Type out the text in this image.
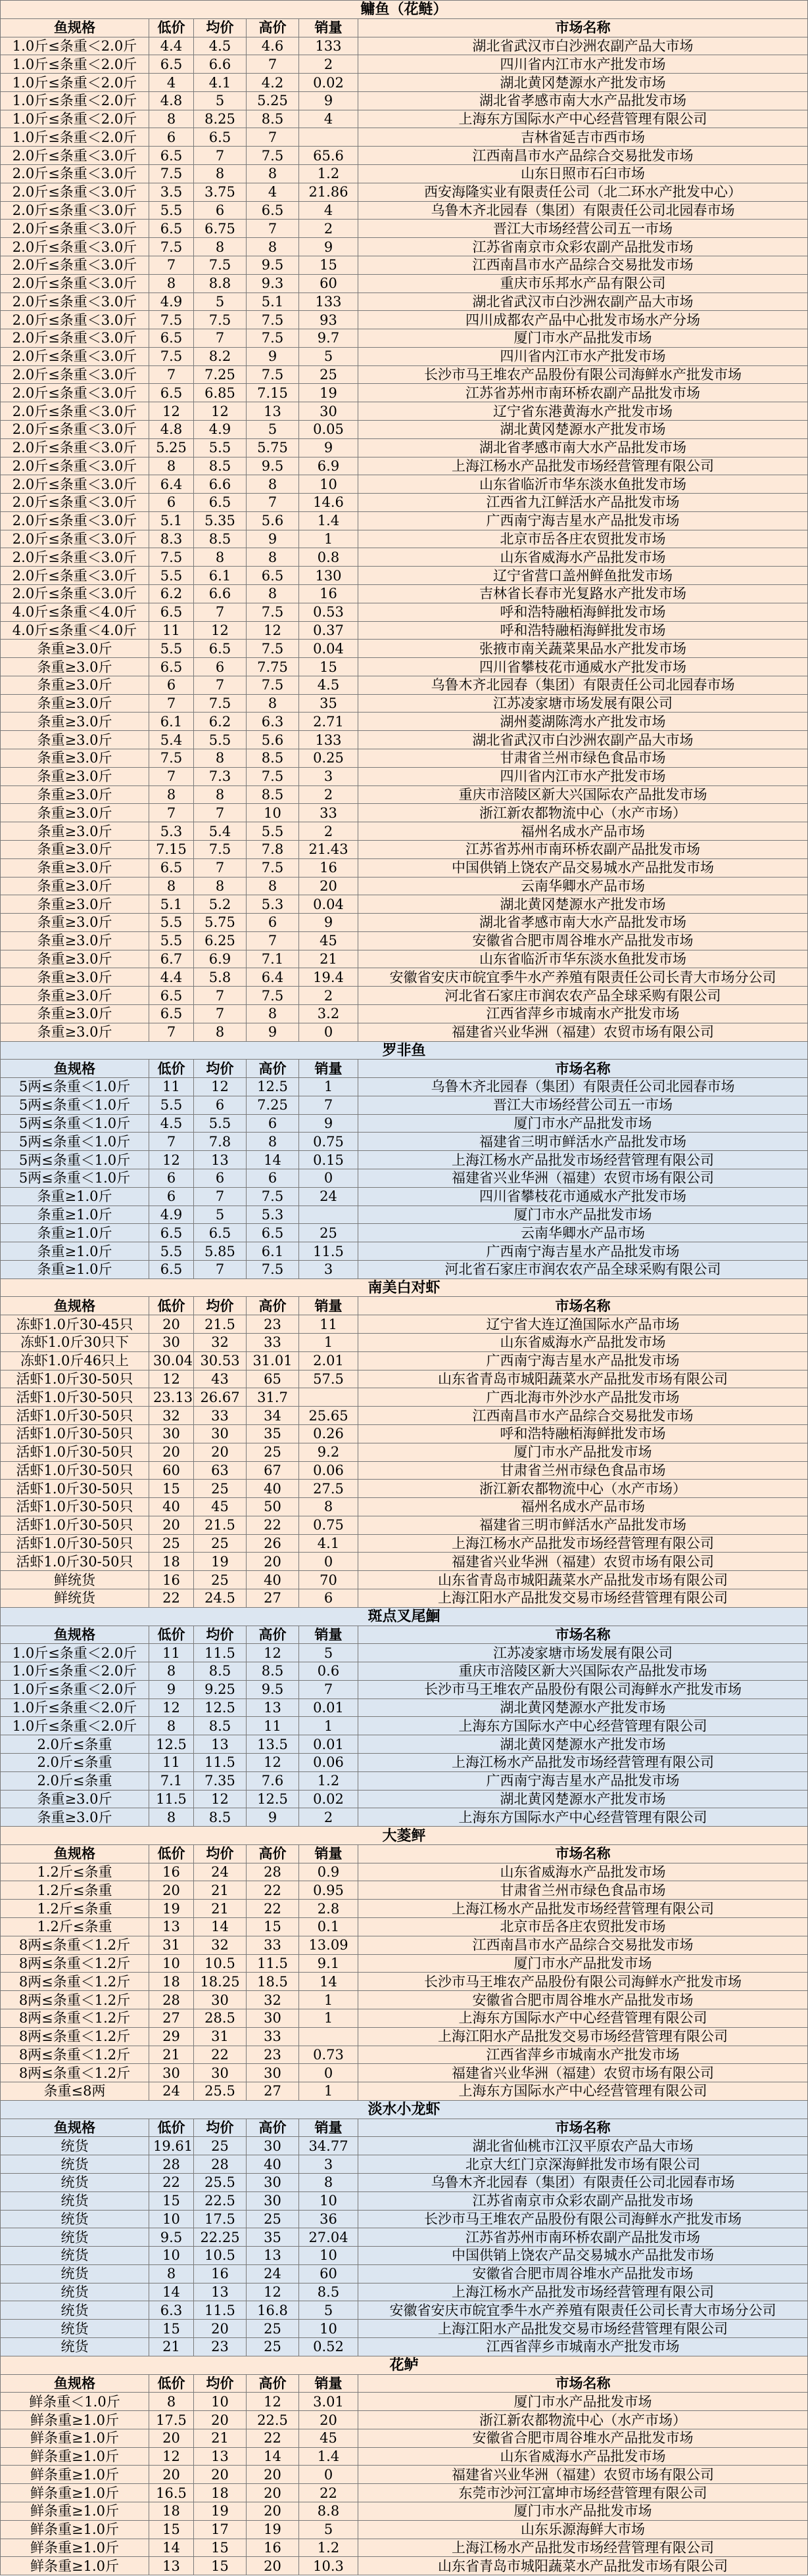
鳙鱼（花鲢）					
鱼规格	低价	均价	高价	销量	市场名称
1.0斤≤条重＜2.0斤	4.4	4.5	4.6	133	湖北省武汉市白沙洲农副产品大市场
1.0斤≤条重＜2.0斤	6.5	6.6	7	2	四川省内江市水产批发市场
1.0斤≤条重＜2.0斤	4	4.1	4.2	0.02	湖北黄冈楚源水产批发市场
1.0斤≤条重＜2.0斤	4.8	5	5.25	9	湖北省孝感市南大水产品批发市场
1.0斤≤条重＜2.0斤	8	8.25	8.5	4	上海东方国际水产中心经营管理有限公司
1.0斤≤条重＜2.0斤	6	6.5	7		吉林省延吉市西市场
2.0斤≤条重＜3.0斤	6.5	7	7.5	65.6	江西南昌市水产品综合交易批发市场
2.0斤≤条重＜3.0斤	7.5	8	8	1.2	山东日照市石臼市场
2.0斤≤条重＜3.0斤	3.5	3.75	4	21.86	西安海隆实业有限责任公司（北二环水产批发中心）
2.0斤≤条重＜3.0斤	5.5	6	6.5	4	乌鲁木齐北园春（集团）有限责任公司北园春市场
2.0斤≤条重＜3.0斤	6.5	6.75	7	2	晋江大市场经营公司五一市场
2.0斤≤条重＜3.0斤	7.5	8	8	9	江苏省南京市众彩农副产品批发市场
2.0斤≤条重＜3.0斤	7	7.5	9.5	15	江西南昌市水产品综合交易批发市场
2.0斤≤条重＜3.0斤	8	8.8	9.3	60	重庆市乐邦水产品有限公司
2.0斤≤条重＜3.0斤	4.9	5	5.1	133	湖北省武汉市白沙洲农副产品大市场
2.0斤≤条重＜3.0斤	7.5	7.5	7.5	93	四川成都农产品中心批发市场水产分场
2.0斤≤条重＜3.0斤	6.5	7	7.5	9.7	厦门市水产品批发市场
2.0斤≤条重＜3.0斤	7.5	8.2	9	5	四川省内江市水产批发市场
2.0斤≤条重＜3.0斤	7	7.25	7.5	25	长沙市马王堆农产品股份有限公司海鲜水产批发市场
2.0斤≤条重＜3.0斤	6.5	6.85	7.15	19	江苏省苏州市南环桥农副产品批发市场
2.0斤≤条重＜3.0斤	12	12	13	30	辽宁省东港黄海水产批发市场
2.0斤≤条重＜3.0斤	4.8	4.9	5	0.05	湖北黄冈楚源水产批发市场
2.0斤≤条重＜3.0斤	5.25	5.5	5.75	9	湖北省孝感市南大水产品批发市场
2.0斤≤条重＜3.0斤	8	8.5	9.5	6.9	上海江杨水产品批发市场经营管理有限公司
2.0斤≤条重＜3.0斤	6.4	6.6	8	10	山东省临沂市华东淡水鱼批发市场
2.0斤≤条重＜3.0斤	6	6.5	7	14.6	江西省九江鲜活水产品批发市场
2.0斤≤条重＜3.0斤	5.1	5.35	5.6	1.4	广西南宁海吉星水产品批发市场
2.0斤≤条重＜3.0斤	8.3	8.5	9	1	北京市岳各庄农贸批发市场
2.0斤≤条重＜3.0斤	7.5	8	8	0.8	山东省威海水产品批发市场
2.0斤≤条重＜3.0斤	5.5	6.1	6.5	130	辽宁省营口盖州鲜鱼批发市场
2.0斤≤条重＜3.0斤	6.2	6.6	8	16	吉林省长春市光复路水产批发市场
4.0斤≤条重＜4.0斤	6.5	7	7.5	0.53	呼和浩特融栢海鲜批发市场
4.0斤≤条重＜4.0斤	11	12	12	0.37	呼和浩特融栢海鲜批发市场
条重≥3.0斤	5.5	6.5	7.5	0.04	张掖市南关蔬菜果品水产批发市场
条重≥3.0斤	6.5	6	7.75	15	四川省攀枝花市通威水产批发市场
条重≥3.0斤	6	7	7.5	4.5	乌鲁木齐北园春（集团）有限责任公司北园春市场
条重≥3.0斤	7	7.5	8	35	江苏凌家塘市场发展有限公司
条重≥3.0斤	6.1	6.2	6.3	2.71	湖州菱湖陈湾水产批发市场
条重≥3.0斤	5.4	5.5	5.6	133	湖北省武汉市白沙洲农副产品大市场
条重≥3.0斤	7.5	8	8.5	0.25	甘肃省兰州市绿色食品市场
条重≥3.0斤	7	7.3	7.5	3	四川省内江市水产批发市场
条重≥3.0斤	8	8	8.5	2	重庆市涪陵区新大兴国际农产品批发市场
条重≥3.0斤	7	7	10	33	浙江新农都物流中心（水产市场）
条重≥3.0斤	5.3	5.4	5.5	2	福州名成水产品市场
条重≥3.0斤	7.15	7.5	7.8	21.43	江苏省苏州市南环桥农副产品批发市场
条重≥3.0斤	6.5	7	7.5	16	中国供销上饶农产品交易城水产品批发市场
条重≥3.0斤	8	8	8	20	云南华卿水产品市场
条重≥3.0斤	5.1	5.2	5.3	0.04	湖北黄冈楚源水产批发市场
条重≥3.0斤	5.5	5.75	6	9	湖北省孝感市南大水产品批发市场
条重≥3.0斤	5.5	6.25	7	45	安徽省合肥市周谷堆水产品批发市场
条重≥3.0斤	6.7	6.9	7.1	21	山东省临沂市华东淡水鱼批发市场
条重≥3.0斤	4.4	5.8	6.4	19.4	安徽省安庆市皖宜季牛水产养殖有限责任公司长青大市场分公司
条重≥3.0斤	6.5	7	7.5	2	河北省石家庄市润农农产品全球采购有限公司
条重≥3.0斤	6.5	7	8	3.2	江西省萍乡市城南水产批发市场
条重≥3.0斤	7	8	9	0	福建省兴业华洲（福建）农贸市场有限公司
罗非鱼					
鱼规格	低价	均价	高价	销量	市场名称
5两≤条重＜1.0斤	11	12	12.5	1	乌鲁木齐北园春（集团）有限责任公司北园春市场
5两≤条重＜1.0斤	5.5	6	7.25	7	晋江大市场经营公司五一市场
5两≤条重＜1.0斤	4.5	5.5	6	9	厦门市水产品批发市场
5两≤条重＜1.0斤	7	7.8	8	0.75	福建省三明市鲜活水产品批发市场
5两≤条重＜1.0斤	12	13	14	0.15	上海江杨水产品批发市场经营管理有限公司
5两≤条重＜1.0斤	6	6	6	0	福建省兴业华洲（福建）农贸市场有限公司
条重≥1.0斤	6	7	7.5	24	四川省攀枝花市通威水产批发市场
条重≥1.0斤	4.9	5	5.3		厦门市水产品批发市场
条重≥1.0斤	6.5	6.5	6.5	25	云南华卿水产品市场
条重≥1.0斤	5.5	5.85	6.1	11.5	广西南宁海吉星水产品批发市场
条重≥1.0斤	6.5	7	7.5	3	河北省石家庄市润农农产品全球采购有限公司
南美白对虾					
鱼规格	低价	均价	高价	销量	市场名称
冻虾1.0斤30-45只	20	21.5	23	11	辽宁省大连辽渔国际水产品市场
冻虾1.0斤30只下	30	32	33	1	山东省威海水产品批发市场
冻虾1.0斤46只上	30.04	30.53	31.01	2.01	广西南宁海吉星水产品批发市场
活虾1.0斤30-50只	12	43	65	57.5	山东省青岛市城阳蔬菜水产品批发市场有限公司
活虾1.0斤30-50只	23.13	26.67	31.7		广西北海市外沙水产品批发市场
活虾1.0斤30-50只	32	33	34	25.65	江西南昌市水产品综合交易批发市场
活虾1.0斤30-50只	30	30	35	0.26	呼和浩特融栢海鲜批发市场
活虾1.0斤30-50只	20	20	25	9.2	厦门市水产品批发市场
活虾1.0斤30-50只	60	63	67	0.06	甘肃省兰州市绿色食品市场
活虾1.0斤30-50只	15	25	40	27.5	浙江新农都物流中心（水产市场）
活虾1.0斤30-50只	40	45	50	8	福州名成水产品市场
活虾1.0斤30-50只	20	21.5	22	0.75	福建省三明市鲜活水产品批发市场
活虾1.0斤30-50只	25	25	26	4.1	上海江杨水产品批发市场经营管理有限公司
活虾1.0斤30-50只	18	19	20	0	福建省兴业华洲（福建）农贸市场有限公司
鲜统货	16	25	40	70	山东省青岛市城阳蔬菜水产品批发市场有限公司
鲜统货	22	24.5	27	6	上海江阳水产品批发交易市场经营管理有限公司
斑点叉尾鮰					
鱼规格	低价	均价	高价	销量	市场名称
1.0斤≤条重＜2.0斤	11	11.5	12	5	江苏凌家塘市场发展有限公司
1.0斤≤条重＜2.0斤	8	8.5	8.5	0.6	重庆市涪陵区新大兴国际农产品批发市场
1.0斤≤条重＜2.0斤	9	9.25	9.5	7	长沙市马王堆农产品股份有限公司海鲜水产批发市场
1.0斤≤条重＜2.0斤	12	12.5	13	0.01	湖北黄冈楚源水产批发市场
1.0斤≤条重＜2.0斤	8	8.5	11	1	上海东方国际水产中心经营管理有限公司
2.0斤≤条重	12.5	13	13.5	0.01	湖北黄冈楚源水产批发市场
2.0斤≤条重	11	11.5	12	0.06	上海江杨水产品批发市场经营管理有限公司
2.0斤≤条重	7.1	7.35	7.6	1.2	广西南宁海吉星水产品批发市场
条重≥3.0斤	11.5	12	12.5	0.02	湖北黄冈楚源水产批发市场
条重≥3.0斤	8	8.5	9	2	上海东方国际水产中心经营管理有限公司
大菱鲆					
鱼规格	低价	均价	高价	销量	市场名称
1.2斤≤条重	16	24	28	0.9	山东省威海水产品批发市场
1.2斤≤条重	20	21	22	0.95	甘肃省兰州市绿色食品市场
1.2斤≤条重	19	21	22	2.8	上海江杨水产品批发市场经营管理有限公司
1.2斤≤条重	13	14	15	0.1	北京市岳各庄农贸批发市场
8两≤条重＜1.2斤	31	32	33	13.09	江西南昌市水产品综合交易批发市场
8两≤条重＜1.2斤	10	10.5	11.5	9.1	厦门市水产品批发市场
8两≤条重＜1.2斤	18	18.25	18.5	14	长沙市马王堆农产品股份有限公司海鲜水产批发市场
8两≤条重＜1.2斤	28	30	32	1	安徽省合肥市周谷堆水产品批发市场
8两≤条重＜1.2斤	27	28.5	30	1	上海东方国际水产中心经营管理有限公司
8两≤条重＜1.2斤	29	31	33		上海江阳水产品批发交易市场经营管理有限公司
8两≤条重＜1.2斤	21	22	23	0.73	江西省萍乡市城南水产批发市场
8两≤条重＜1.2斤	30	30	30	0	福建省兴业华洲（福建）农贸市场有限公司
条重≤8两	24	25.5	27	1	上海东方国际水产中心经营管理有限公司
淡水小龙虾					
鱼规格	低价	均价	高价	销量	市场名称
统货	19.61	25	30	34.77	湖北省仙桃市江汉平原农产品大市场
统货	28	28	40	3	北京大红门京深海鲜批发市场有限公司
统货	22	25.5	30	8	乌鲁木齐北园春（集团）有限责任公司北园春市场
统货	15	22.5	30	10	江苏省南京市众彩农副产品批发市场
统货	10	17.5	25	36	长沙市马王堆农产品股份有限公司海鲜水产批发市场
统货	9.5	22.25	35	27.04	江苏省苏州市南环桥农副产品批发市场
统货	10	10.5	13	10	中国供销上饶农产品交易城水产品批发市场
统货	8	16	24	60	安徽省合肥市周谷堆水产品批发市场
统货	14	13	12	8.5	上海江杨水产品批发市场经营管理有限公司
统货	6.3	11.5	16.8	5	安徽省安庆市皖宜季牛水产养殖有限责任公司长青大市场分公司
统货	15	20	25	10	上海江阳水产品批发交易市场经营管理有限公司
统货	21	23	25	0.52	江西省萍乡市城南水产批发市场
花鲈					
鱼规格	低价	均价	高价	销量	市场名称
鲜条重＜1.0斤	8	10	12	3.01	厦门市水产品批发市场
鲜条重≥1.0斤	17.5	20	22.5	20	浙江新农都物流中心（水产市场）
鲜条重≥1.0斤	20	21	22	45	安徽省合肥市周谷堆水产品批发市场
鲜条重≥1.0斤	12	13	14	1.4	山东省威海水产品批发市场
鲜条重≥1.0斤	20	20	20	0	福建省兴业华洲（福建）农贸市场有限公司
鲜条重≥1.0斤	16.5	18	20	22	东莞市沙河江富坤市场经营管理有限公司
鲜条重≥1.0斤	18	19	20	8.8	厦门市水产品批发市场
鲜条重≥1.0斤	15	17	19	5	山东乐源海鲜大市场
鲜条重≥1.0斤	14	15	16	1.2	上海江杨水产品批发市场经营管理有限公司
鲜条重≥1.0斤	13	15	20	10.3	山东省青岛市城阳蔬菜水产品批发市场有限公司
